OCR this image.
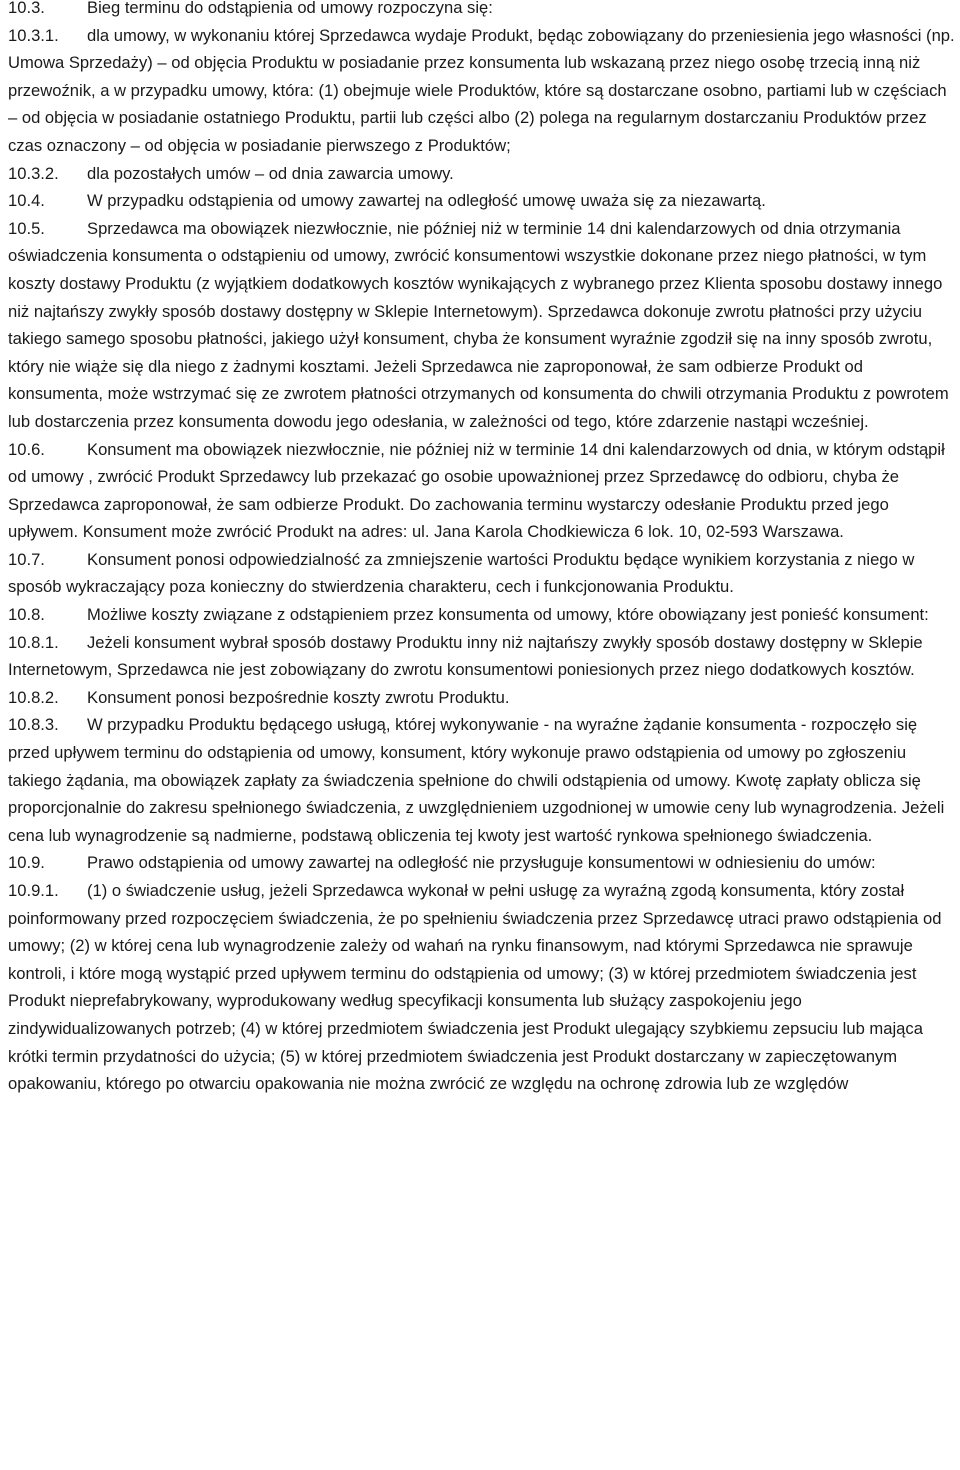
10.3.	Bieg terminu do odstąpienia od umowy rozpoczyna się:

10.3.1. dla umowy, w wykonaniu której Sprzedawca wydaje Produkt, będąc zobowiązany do przeniesienia jego własności (np. Umowa Sprzedaży) – od objęcia Produktu w posiadanie przez konsumenta lub wskazaną przez niego osobę trzecią inną niż przewoźnik, a w przypadku umowy, która: (1) obejmuje wiele Produktów, które są dostarczane osobno, partiami lub w częściach – od objęcia w posiadanie ostatniego Produktu, partii lub części albo (2) polega na regularnym dostarczaniu Produktów przez czas oznaczony – od objęcia w posiadanie pierwszego z Produktów;

10.3.2. dla pozostałych umów – od dnia zawarcia umowy.

10.4.	W przypadku odstąpienia od umowy zawartej na odległość umowę uważa się za niezawartą.

10.5.	Sprzedawca ma obowiązek niezwłocznie, nie później niż w terminie 14 dni kalendarzowych od dnia otrzymania oświadczenia konsumenta o odstąpieniu od umowy, zwrócić konsumentowi wszystkie dokonane przez niego płatności, w tym koszty dostawy Produktu (z wyjątkiem dodatkowych kosztów wynikających z wybranego przez Klienta sposobu dostawy innego niż najtańszy zwykły sposób dostawy dostępny w Sklepie Internetowym). Sprzedawca dokonuje zwrotu płatności przy użyciu takiego samego sposobu płatności, jakiego użył konsument, chyba że konsument wyraźnie zgodził się na inny sposób zwrotu, który nie wiąże się dla niego z żadnymi kosztami. Jeżeli Sprzedawca nie zaproponował, że sam odbierze Produkt od konsumenta, może wstrzymać się ze zwrotem płatności otrzymanych od konsumenta do chwili otrzymania Produktu z powrotem lub dostarczenia przez konsumenta dowodu jego odesłania, w zależności od tego, które zdarzenie nastąpi wcześniej.

10.6.	Konsument ma obowiązek niezwłocznie, nie później niż w terminie 14 dni kalendarzowych od dnia, w którym odstąpił od umowy , zwrócić Produkt Sprzedawcy lub przekazać go osobie upoważnionej przez Sprzedawcę do odbioru, chyba że Sprzedawca zaproponował, że sam odbierze Produkt. Do zachowania terminu wystarczy odesłanie Produktu przed jego upływem. Konsument może zwrócić Produkt na adres: ul. Jana Karola Chodkiewicza 6 lok. 10, 02-593 Warszawa.

10.7.	Konsument ponosi odpowiedzialność za zmniejszenie wartości Produktu będące wynikiem korzystania z niego w sposób wykraczający poza konieczny do stwierdzenia charakteru, cech i funkcjonowania Produktu.

10.8.	Możliwe koszty związane z odstąpieniem przez konsumenta od umowy, które obowiązany jest ponieść konsument:

10.8.1. Jeżeli konsument wybrał sposób dostawy Produktu inny niż najtańszy zwykły sposób dostawy dostępny w Sklepie Internetowym, Sprzedawca nie jest zobowiązany do zwrotu konsumentowi poniesionych przez niego dodatkowych kosztów.

10.8.2. Konsument ponosi bezpośrednie koszty zwrotu Produktu.

10.8.3. W przypadku Produktu będącego usługą, której wykonywanie - na wyraźne żądanie konsumenta - rozpoczęło się przed upływem terminu do odstąpienia od umowy, konsument, który wykonuje prawo odstąpienia od umowy po zgłoszeniu takiego żądania, ma obowiązek zapłaty za świadczenia spełnione do chwili odstąpienia od umowy. Kwotę zapłaty oblicza się proporcjonalnie do zakresu spełnionego świadczenia, z uwzględnieniem uzgodnionej w umowie ceny lub wynagrodzenia. Jeżeli cena lub wynagrodzenie są nadmierne, podstawą obliczenia tej kwoty jest wartość rynkowa spełnionego świadczenia.

10.9.	Prawo odstąpienia od umowy zawartej na odległość nie przysługuje konsumentowi w odniesieniu do umów:

10.9.1. (1) o świadczenie usług, jeżeli Sprzedawca wykonał w pełni usługę za wyraźną zgodą konsumenta, który został poinformowany przed rozpoczęciem świadczenia, że po spełnieniu świadczenia przez Sprzedawcę utraci prawo odstąpienia od umowy; (2) w której cena lub wynagrodzenie zależy od wahań na rynku finansowym, nad którymi Sprzedawca nie sprawuje kontroli, i które mogą wystąpić przed upływem terminu do odstąpienia od umowy; (3) w której przedmiotem świadczenia jest Produkt nieprefabrykowany, wyprodukowany według specyfikacji konsumenta lub służący zaspokojeniu jego zindywidualizowanych potrzeb; (4) w której przedmiotem świadczenia jest Produkt ulegający szybkiemu zepsuciu lub mająca krótki termin przydatności do użycia; (5) w której przedmiotem świadczenia jest Produkt dostarczany w zapieczętowanym opakowaniu, którego po otwarciu opakowania nie można zwrócić ze względu na ochronę zdrowia lub ze względów
